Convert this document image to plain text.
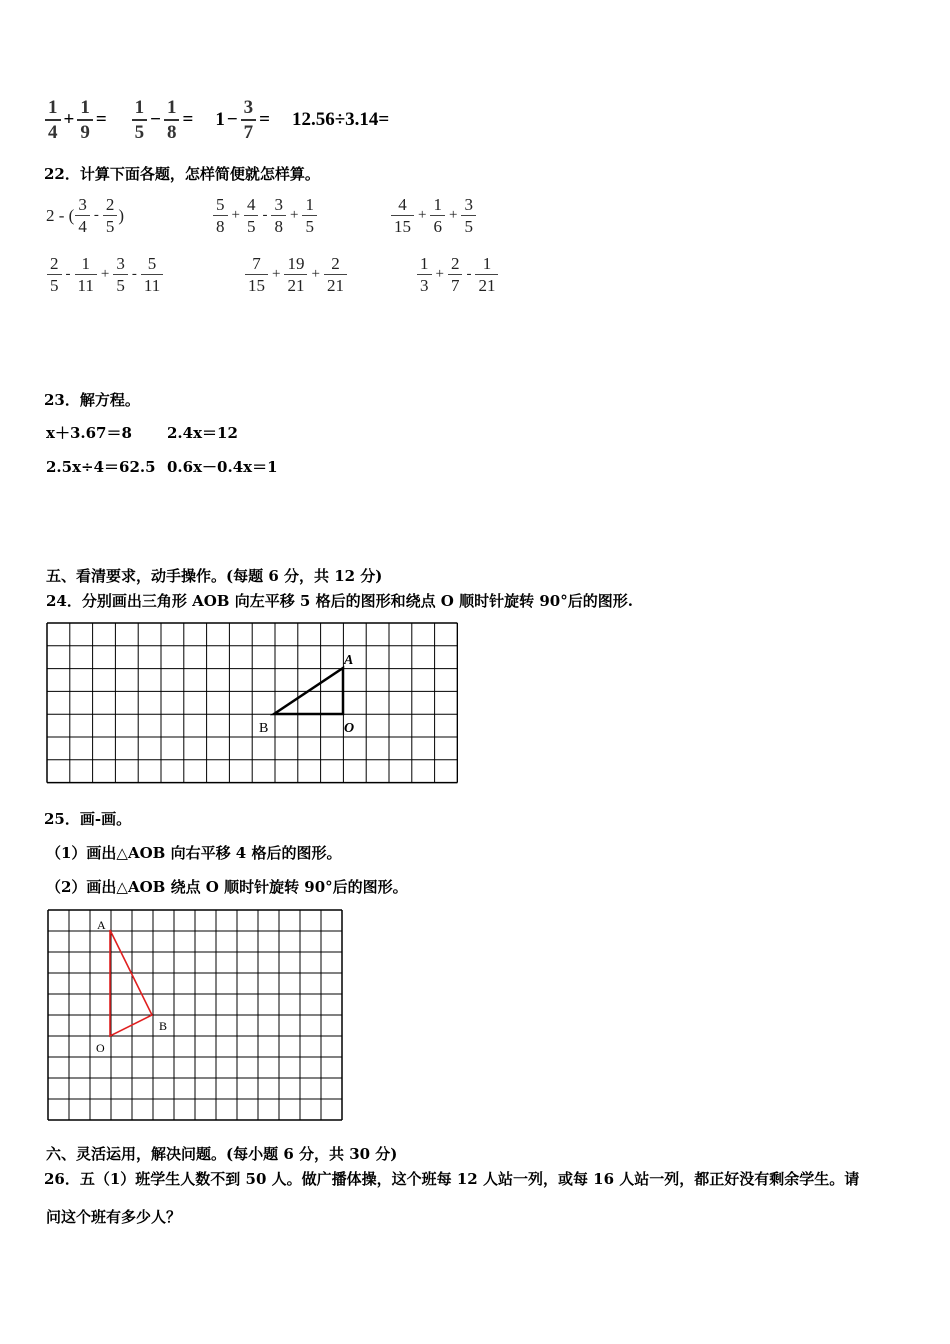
$\frac{1}{4} + \frac{1}{9} = \frac{1}{5} - \frac{1}{8} = 1 - \frac{3}{7} = 12.56\div 3.14=$
22．计算下面各题，怎样简便就怎样算。
2 - ( $\frac{3}{4} - \frac{2}{5}$ )	$\frac{5}{8} + \frac{4}{5} - \frac{3}{8} + \frac{1}{5}$	$\frac{4}{15} + \frac{1}{6} + \frac{3}{5}$
$\frac{2}{5} - \frac{1}{11} + \frac{3}{5} - \frac{5}{11}$	$\frac{7}{15} + \frac{19}{21} + \frac{2}{21}$	$\frac{1}{3} + \frac{2}{7} - \frac{1}{21}$
23．解方程。
x＋3.67＝8 2.4x＝12
2.5x÷4＝62.5 0.6x－0.4x＝1
五、看清要求，动手操作。(每题 6 分，共 12 分)
24．分别画出三角形 AOB 向左平移 5 格后的图形和绕点 O 顺时针旋转 90°后的图形.
A
B	O
25．画-画。
（1）画出△AOB 向右平移 4 格后的图形。
（2）画出△AOB 绕点 O 顺时针旋转 90°后的图形。
A
B
O
六、灵活运用，解决问题。(每小题 6 分，共 30 分)
26．五（1）班学生人数不到 50 人。做广播体操，这个班每 12 人站一列，或每 16 人站一列，都正好没有剩余学生。请
问这个班有多少人？
